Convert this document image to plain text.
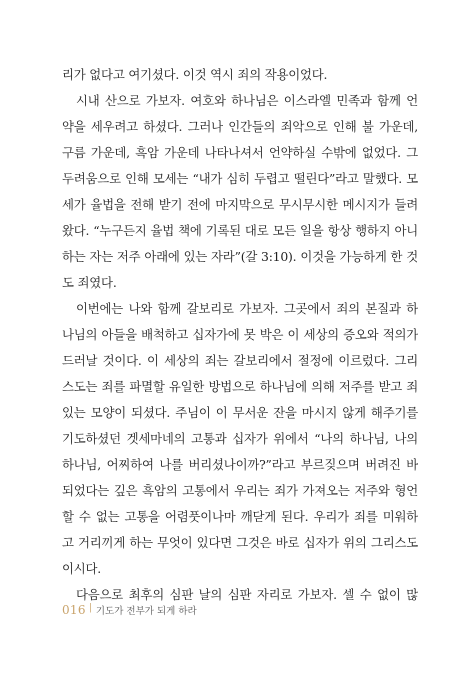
리가 없다고 여기셨다. 이것 역시 죄의 작용이었다.
시내 산으로 가보자. 여호와 하나님은 이스라엘 민족과 함께 언
약을 세우려고 하셨다. 그러나 인간들의 죄악으로 인해 불 가운데,
구름 가운데, 흑암 가운데 나타나셔서 언약하실 수밖에 없었다. 그
두려움으로 인해 모세는 “내가 심히 두렵고 떨린다”라고 말했다. 모
세가 율법을 전해 받기 전에 마지막으로 무시무시한 메시지가 들려
왔다. “누구든지 율법 책에 기록된 대로 모든 일을 항상 행하지 아니
하는 자는 저주 아래에 있는 자라”(갈 3:10). 이것을 가능하게 한 것
도 죄였다.
이번에는 나와 함께 갈보리로 가보자. 그곳에서 죄의 본질과 하
나님의 아들을 배척하고 십자가에 못 박은 이 세상의 증오와 적의가
드러날 것이다. 이 세상의 죄는 갈보리에서 절정에 이르렀다. 그리
스도는 죄를 파멸할 유일한 방법으로 하나님에 의해 저주를 받고 죄
있는 모양이 되셨다. 주님이 이 무서운 잔을 마시지 않게 해주기를
기도하셨던 겟세마네의 고통과 십자가 위에서 “나의 하나님, 나의
하나님, 어찌하여 나를 버리셨나이까?”라고 부르짖으며 버려진 바
되었다는 깊은 흑암의 고통에서 우리는 죄가 가져오는 저주와 형언
할 수 없는 고통을 어렴풋이나마 깨닫게 된다. 우리가 죄를 미워하
고 거리끼게 하는 무엇이 있다면 그것은 바로 십자가 위의 그리스도
이시다.
다음으로 최후의 심판 날의 심판 자리로 가보자. 셀 수 없이 많
016 | 기도가 전부가 되게 하라
